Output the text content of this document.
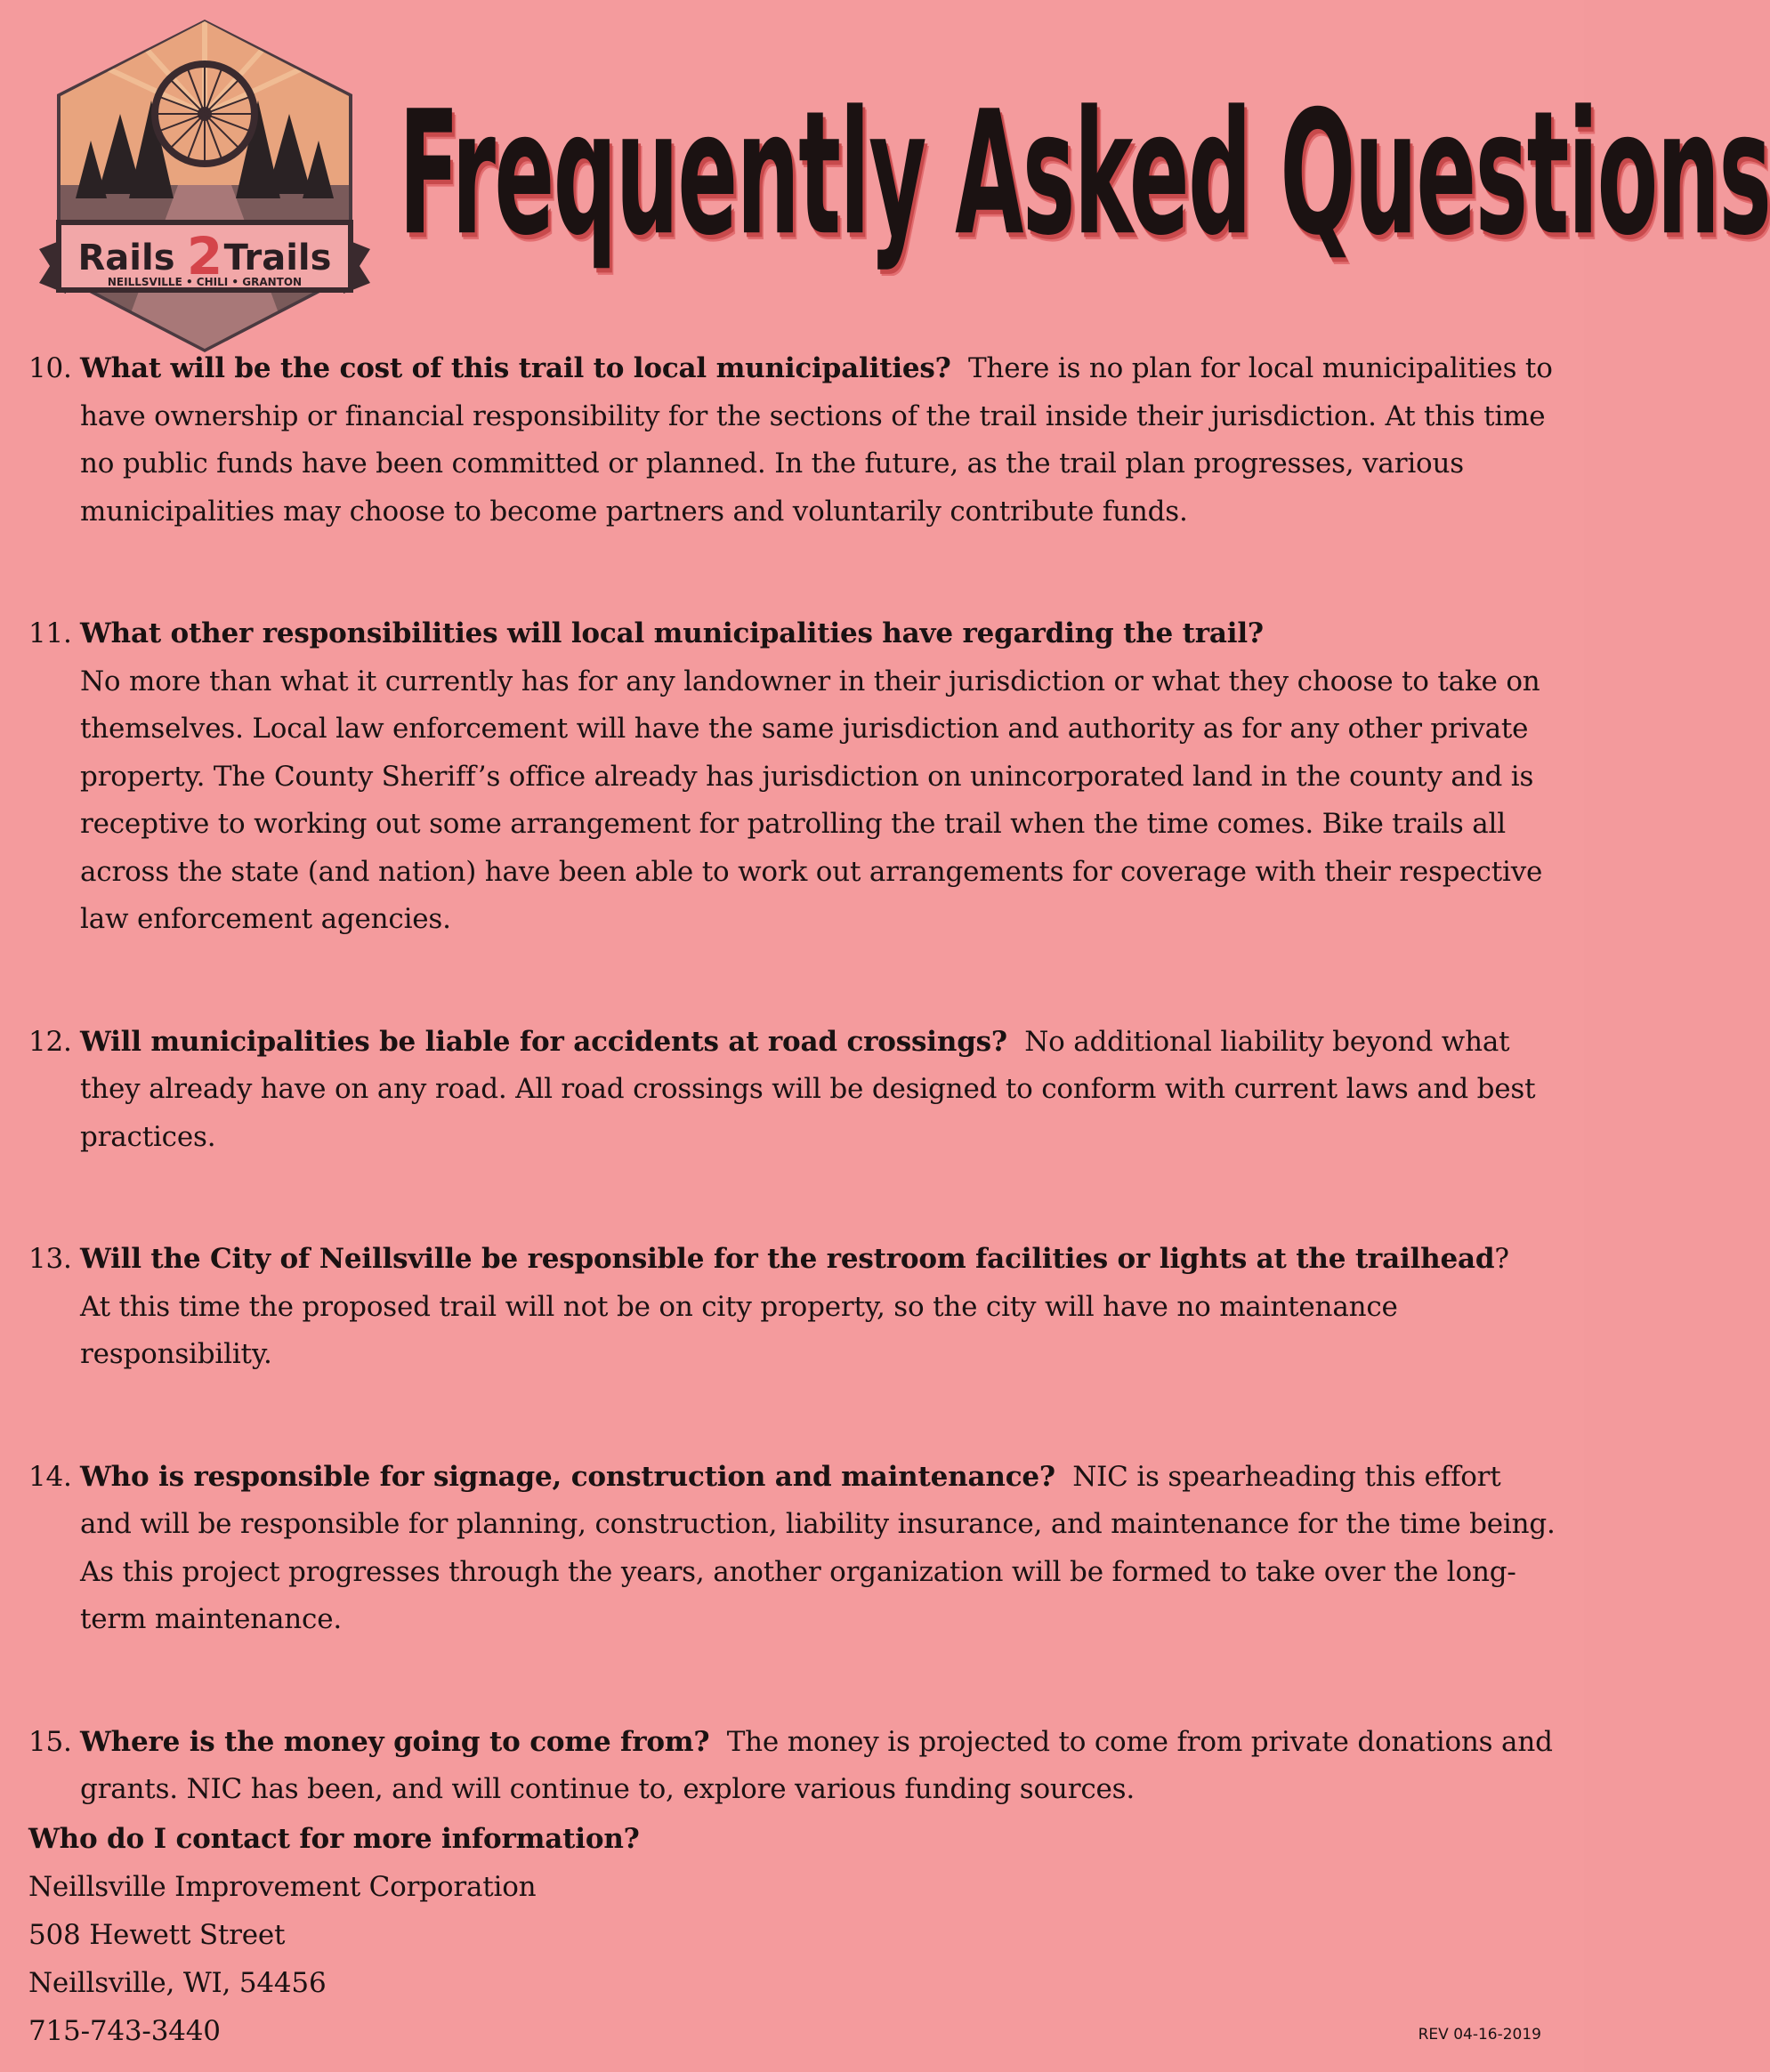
Rails 2 Trails
NEILLSVILLE • CHILI • GRANTON
Frequently Asked Questions
10. What will be the cost of this trail to local municipalities? There is no plan for local municipalities to have ownership or financial responsibility for the sections of the trail inside their jurisdiction. At this time no public funds have been committed or planned. In the future, as the trail plan progresses, various municipalities may choose to become partners and voluntarily contribute funds.
11. What other responsibilities will local municipalities have regarding the trail?
No more than what it currently has for any landowner in their jurisdiction or what they choose to take on themselves. Local law enforcement will have the same jurisdiction and authority as for any other private property. The County Sheriff’s office already has jurisdiction on unincorporated land in the county and is receptive to working out some arrangement for patrolling the trail when the time comes. Bike trails all across the state (and nation) have been able to work out arrangements for coverage with their respective law enforcement agencies.
12. Will municipalities be liable for accidents at road crossings? No additional liability beyond what they already have on any road. All road crossings will be designed to conform with current laws and best practices.
13. Will the City of Neillsville be responsible for the restroom facilities or lights at the trailhead?
At this time the proposed trail will not be on city property, so the city will have no maintenance responsibility.
14. Who is responsible for signage, construction and maintenance? NIC is spearheading this effort and will be responsible for planning, construction, liability insurance, and maintenance for the time being. As this project progresses through the years, another organization will be formed to take over the long-term maintenance.
15. Where is the money going to come from? The money is projected to come from private donations and grants. NIC has been, and will continue to, explore various funding sources.
Who do I contact for more information?
Neillsville Improvement Corporation
508 Hewett Street
Neillsville, WI, 54456
715-743-3440	REV 04-16-2019
